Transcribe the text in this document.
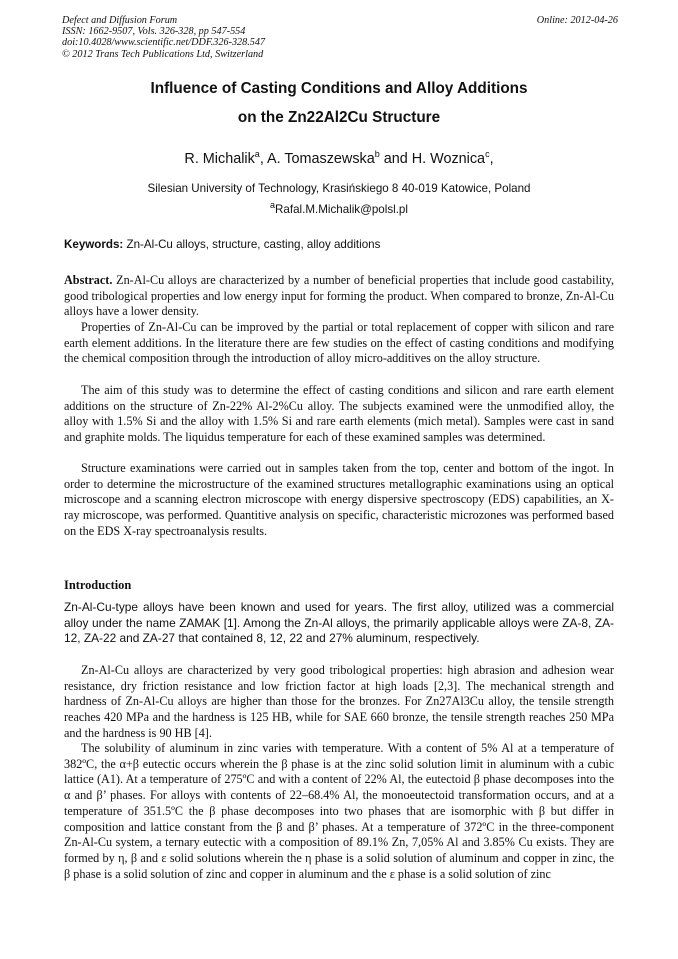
Defect and Diffusion Forum
ISSN: 1662-9507, Vols. 326-328, pp 547-554
doi:10.4028/www.scientific.net/DDF.326-328.547
© 2012 Trans Tech Publications Ltd, Switzerland
Online: 2012-04-26
Influence of Casting Conditions and Alloy Additions
on the Zn22Al2Cu Structure
R. Michalik$^a$, A. Tomaszewska$^b$ and H. Woznica$^c$,
Silesian University of Technology, Krasińskiego 8 40-019 Katowice, Poland
$^a$Rafal.M.Michalik@polsl.pl
Keywords: Zn-Al-Cu alloys, structure, casting, alloy additions

Abstract. Zn-Al-Cu alloys are characterized by a number of beneficial properties that include good castability, good tribological properties and low energy input for forming the product. When compared to bronze, Zn-Al-Cu alloys have a lower density.

Properties of Zn-Al-Cu can be improved by the partial or total replacement of copper with silicon and rare earth element additions. In the literature there are few studies on the effect of casting conditions and modifying the chemical composition through the introduction of alloy micro-additives on the alloy structure.

The aim of this study was to determine the effect of casting conditions and silicon and rare earth element additions on the structure of Zn-22% Al-2%Cu alloy. The subjects examined were the unmodified alloy, the alloy with 1.5% Si and the alloy with 1.5% Si and rare earth elements (mich metal). Samples were cast in sand and graphite molds. The liquidus temperature for each of these examined samples was determined.

Structure examinations were carried out in samples taken from the top, center and bottom of the ingot. In order to determine the microstructure of the examined structures metallographic examinations using an optical microscope and a scanning electron microscope with energy dispersive spectroscopy (EDS) capabilities, an X-ray microscope, was performed. Quantitive analysis on specific, characteristic microzones was performed based on the EDS X-ray spectroanalysis results.

Introduction

Zn-Al-Cu-type alloys have been known and used for years. The first alloy, utilized was a commercial alloy under the name ZAMAK [1]. Among the Zn-Al alloys, the primarily applicable alloys were ZA-8, ZA-12, ZA-22 and ZA-27 that contained 8, 12, 22 and 27% aluminum, respectively.

Zn-Al-Cu alloys are characterized by very good tribological properties: high abrasion and adhesion wear resistance, dry friction resistance and low friction factor at high loads [2,3]. The mechanical strength and hardness of Zn-Al-Cu alloys are higher than those for the bronzes. For Zn27Al3Cu alloy, the tensile strength reaches 420 MPa and the hardness is 125 HB, while for SAE 660 bronze, the tensile strength reaches 250 MPa and the hardness is 90 HB [4].

The solubility of aluminum in zinc varies with temperature. With a content of 5% Al at a temperature of 382ºC, the α+β eutectic occurs wherein the β phase is at the zinc solid solution limit in aluminum with a cubic lattice (A1). At a temperature of 275ºC and with a content of 22% Al, the eutectoid β phase decomposes into the α and β’ phases. For alloys with contents of 22–68.4% Al, the monoeutectoid transformation occurs, and at a temperature of 351.5ºC the β phase decomposes into two phases that are isomorphic with β but differ in composition and lattice constant from the β and β’ phases. At a temperature of 372ºC in the three-component Zn-Al-Cu system, a ternary eutectic with a composition of 89.1% Zn, 7,05% Al and 3.85% Cu exists. They are formed by η, β and ε solid solutions wherein the η phase is a solid solution of aluminum and copper in zinc, the β phase is a solid solution of zinc and copper in aluminum and the ε phase is a solid solution of zinc
